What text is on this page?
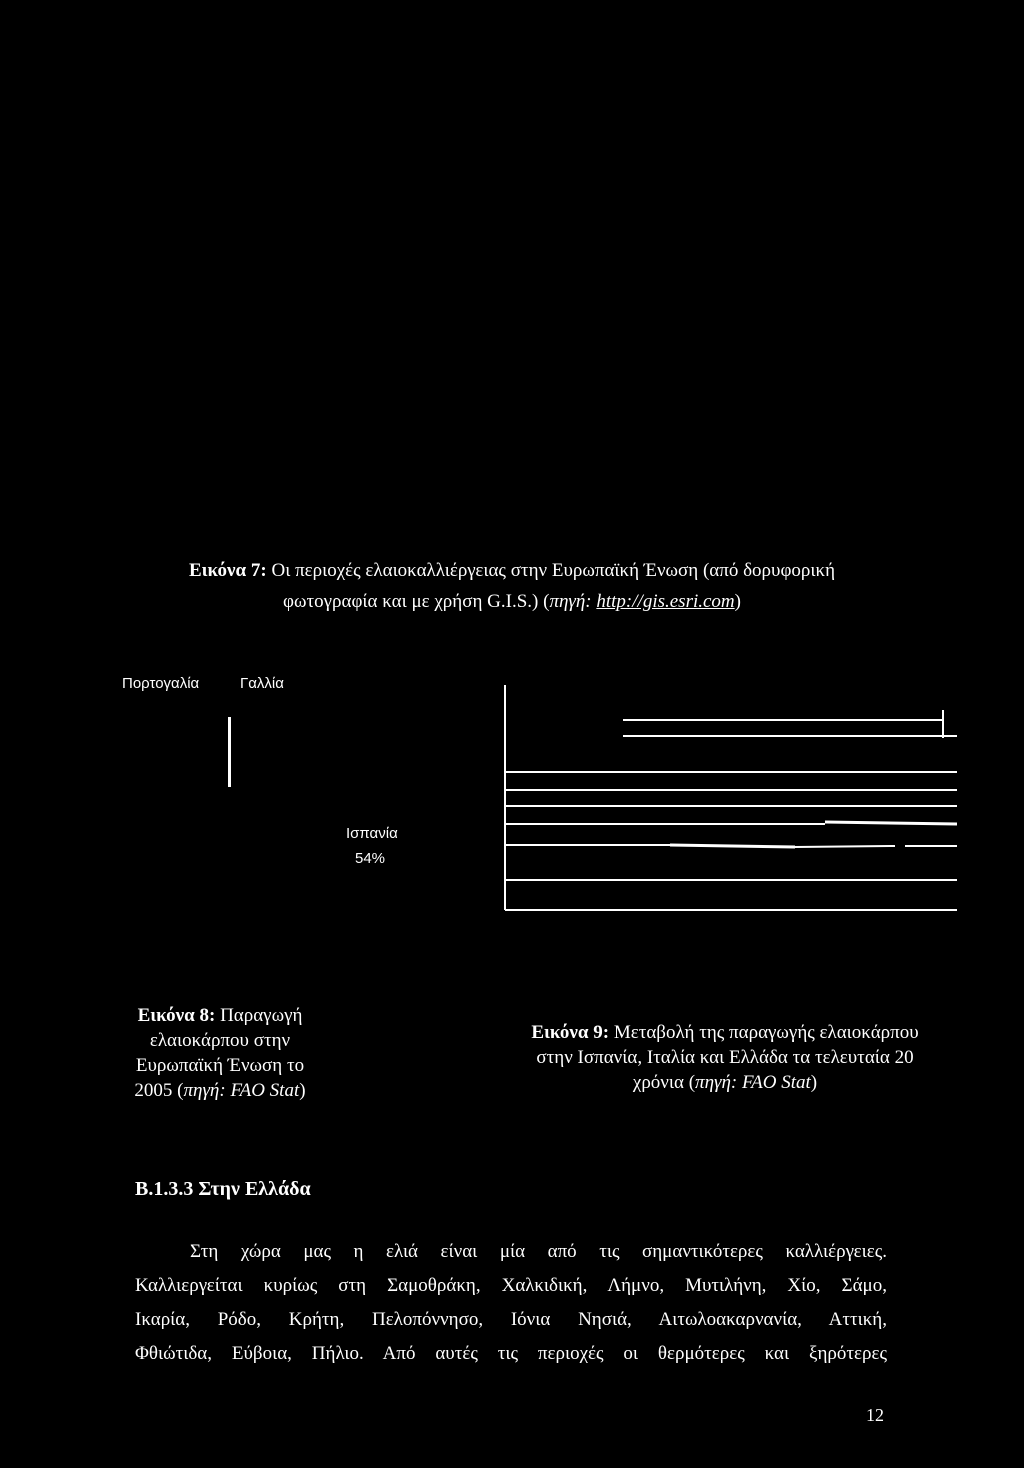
Εικόνα 7: Οι περιοχές ελαιοκαλλιέργειας στην Ευρωπαϊκή Ένωση (από δορυφορική
φωτογραφία και με χρήση G.I.S.) (πηγή: http://gis.esri.com)
Πορτογαλία	Γαλλία
Ισπανία
54%
Εικόνα 8: Παραγωγή
ελαιοκάρπου στην
Ευρωπαϊκή Ένωση το
2005 (πηγή: FAO Stat)
Εικόνα 9: Μεταβολή της παραγωγής ελαιοκάρπου
στην Ισπανία, Ιταλία και Ελλάδα τα τελευταία 20
χρόνια (πηγή: FAO Stat)
B.1.3.3 Στην Ελλάδα
Στη χώρα μας η ελιά είναι μία από τις σημαντικότερες καλλιέργειες.
Καλλιεργείται κυρίως στη Σαμοθράκη, Χαλκιδική, Λήμνο, Μυτιλήνη, Χίο, Σάμο,
Ικαρία, Ρόδο, Κρήτη, Πελοπόννησο, Ιόνια Νησιά, Αιτωλοακαρνανία, Αττική,
Φθιώτιδα, Εύβοια, Πήλιο. Από αυτές τις περιοχές οι θερμότερες και ξηρότερες
12
